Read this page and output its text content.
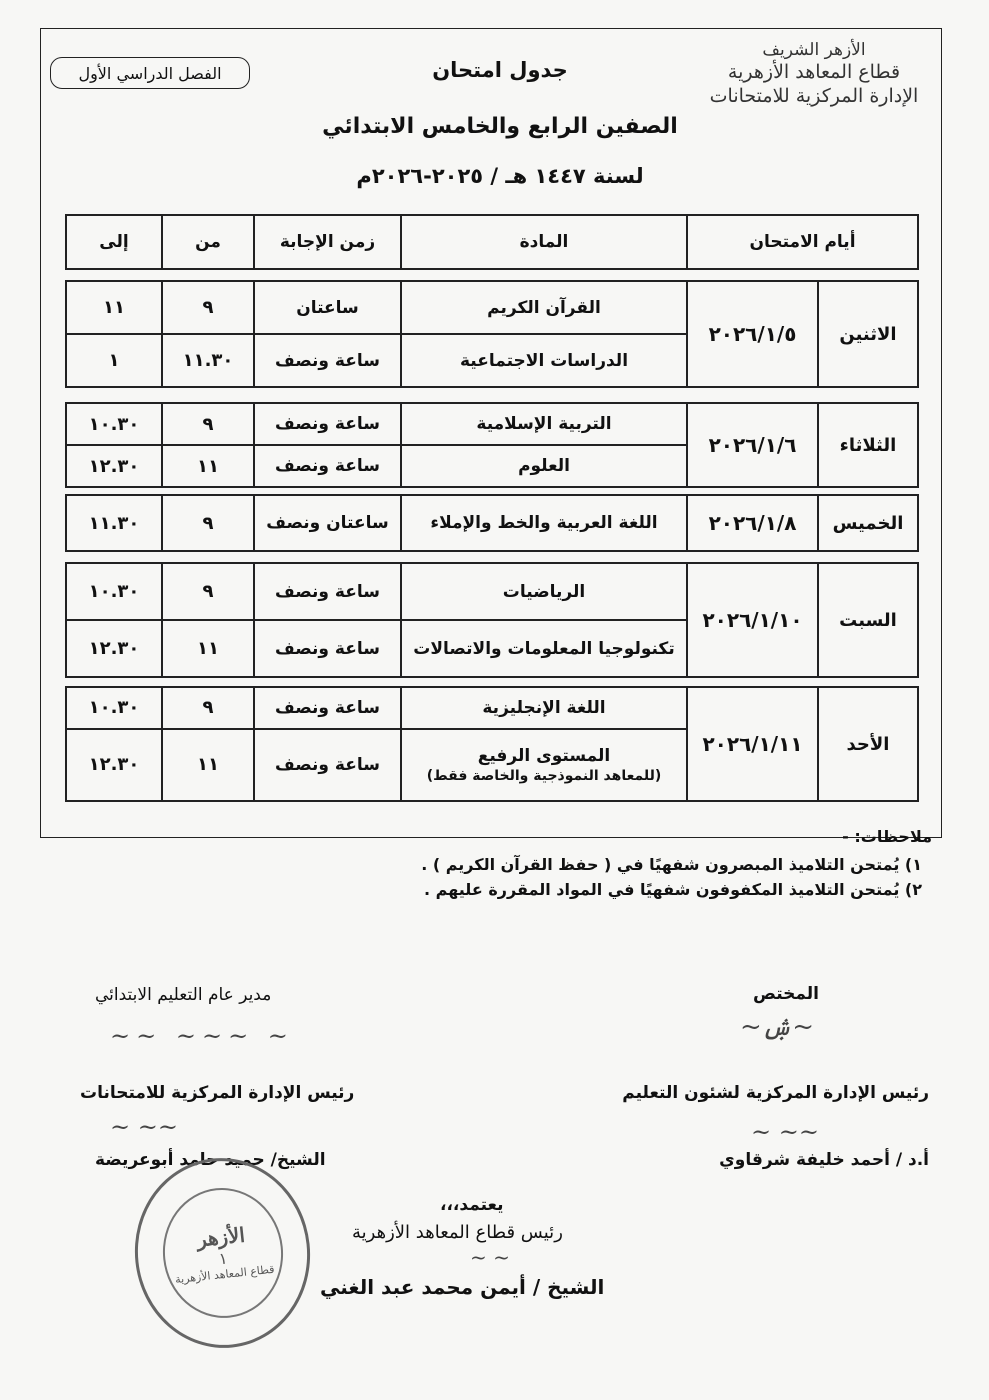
الأزهر الشريف
قطاع المعاهد الأزهرية
الإدارة المركزية للامتحانات
الفصل الدراسي الأول	جدول امتحان
الصفين الرابع والخامس الابتدائي
لسنة ١٤٤٧ هـ / ٢٠٢٥-٢٠٢٦م
أيام الامتحان	المادة	زمن الإجابة	من	إلى
الاثنين	٢٠٢٦/١/٥	القرآن الكريم	ساعتان	٩	١١
		الدراسات الاجتماعية	ساعة ونصف	١١.٣٠	١
الثلاثاء	٢٠٢٦/١/٦	التربية الإسلامية	ساعة ونصف	٩	١٠.٣٠
		العلوم	ساعة ونصف	١١	١٢.٣٠
الخميس	٢٠٢٦/١/٨	اللغة العربية والخط والإملاء	ساعتان ونصف	٩	١١.٣٠
السبت	٢٠٢٦/١/١٠	الرياضيات	ساعة ونصف	٩	١٠.٣٠
		تكنولوجيا المعلومات والاتصالات	ساعة ونصف	١١	١٢.٣٠
الأحد	٢٠٢٦/١/١١	اللغة الإنجليزية	ساعة ونصف	٩	١٠.٣٠
		المستوى الرفيع
(للمعاهد النموذجية والخاصة فقط)	ساعة ونصف	١١	١٢.٣٠
ملاحظات: -
١) يُمتحن التلاميذ المبصرون شفهيًا في ( حفظ القرآن الكريم ) .
٢) يُمتحن التلاميذ المكفوفون شفهيًا في المواد المقررة عليهم .
المختص
~ۺ~
مدير عام التعليم الابتدائي
~ ~~~ ~~
رئيس الإدارة المركزية لشئون التعليم
~~ ~
أ.د / أحمد خليفة شرقاوي
رئيس الإدارة المركزية للامتحانات
~~ ~
الشيخ/ حميد حامد أبوعريضة
يعتمد،،،
رئيس قطاع المعاهد الأزهرية
~ ~
الشيخ / أيمن محمد عبد الغني
الأزهر
١
قطاع المعاهد الأزهرية
